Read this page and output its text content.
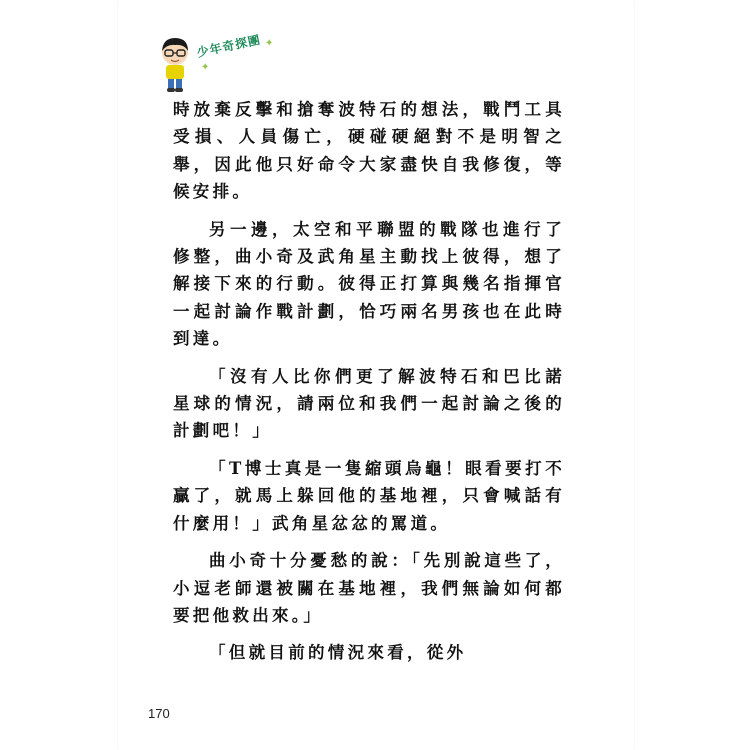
✦
少年奇探團 ✦

時放棄反擊和搶奪波特石的想法，戰鬥工具受損、人員傷亡，硬碰硬絕對不是明智之舉，因此他只好命令大家盡快自我修復，等候安排。

另一邊，太空和平聯盟的戰隊也進行了修整，曲小奇及武角星主動找上彼得，想了解接下來的行動。彼得正打算與幾名指揮官一起討論作戰計劃，恰巧兩名男孩也在此時到達。

「沒有人比你們更了解波特石和巴比諾星球的情況，請兩位和我們一起討論之後的計劃吧！」

「T博士真是一隻縮頭烏龜！眼看要打不贏了，就馬上躲回他的基地裡，只會喊話有什麼用！」武角星忿忿的罵道。

曲小奇十分憂愁的說：「先別說這些了，小逗老師還被關在基地裡，我們無論如何都要把他救出來。」

「但就目前的情況來看，從外

170
